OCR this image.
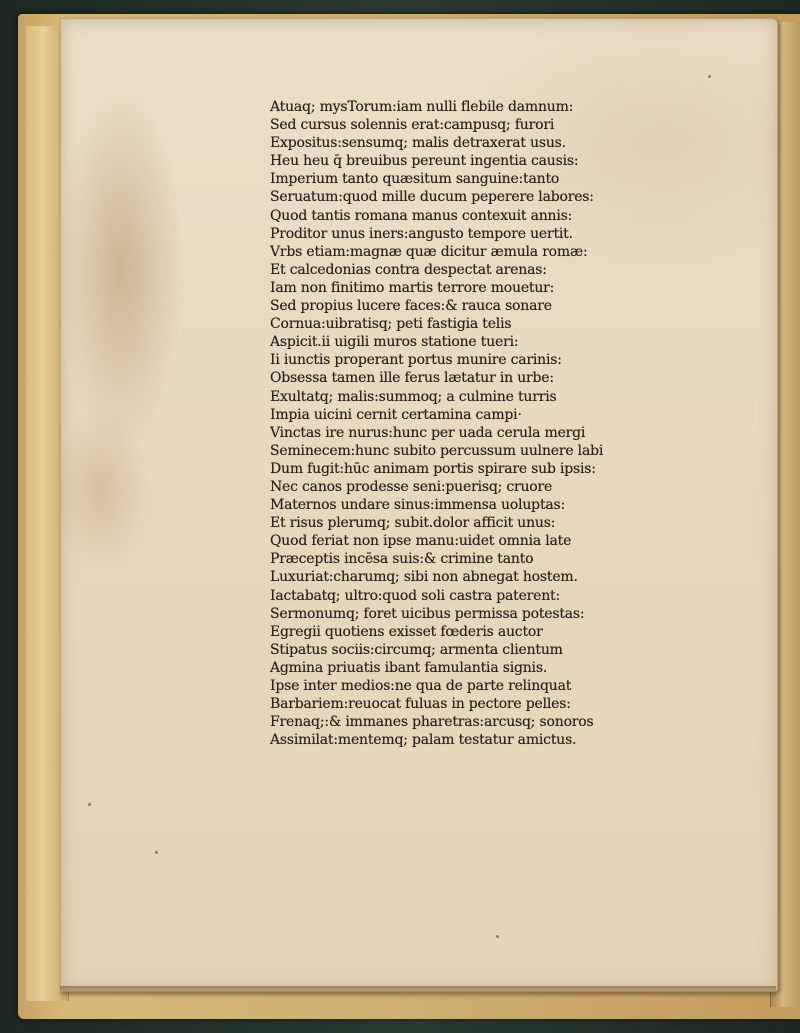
Atuaq; mysTorum:iam nulli flebile damnum:
Sed cursus solennis erat:campusq; furori
Expositus:sensumq; malis detraxerat usus.
Heu heu q̄ breuibus pereunt ingentia causis:
Imperium tanto quæsitum sanguine:tanto
Seruatum:quod mille ducum peperere labores:
Quod tantis romana manus contexuit annis:
Proditor unus iners:angusto tempore uertit.
Vrbs etiam:magnæ quæ dicitur æmula romæ:
Et calcedonias contra despectat arenas:
Iam non finitimo martis terrore mouetur:
Sed propius lucere faces:& rauca sonare
Cornua:uibratisq; peti fastigia telis
Aspicit.ii uigili muros statione tueri:
Ii iunctis properant portus munire carinis:
Obsessa tamen ille ferus lætatur in urbe:
Exultatq; malis:summoq; a culmine turris
Impia uicini cernit certamina campi·
Vinctas ire nurus:hunc per uada cerula mergi
Seminecem:hunc subito percussum uulnere labi
Dum fugit:hūc animam portis spirare sub ipsis:
Nec canos prodesse seni:puerisq; cruore
Maternos undare sinus:immensa uoluptas:
Et risus plerumq; subit.dolor afficit unus:
Quod feriat non ipse manu:uidet omnia late
Præceptis incēsa suis:& crimine tanto
Luxuriat:charumq; sibi non abnegat hostem.
Iactabatq; ultro:quod soli castra paterent:
Sermonumq; foret uicibus permissa potestas:
Egregii quotiens exisset fœderis auctor
Stipatus sociis:circumq; armenta clientum
Agmina priuatis ibant famulantia signis.
Ipse inter medios:ne qua de parte relinquat
Barbariem:reuocat fuluas in pectore pelles:
Frenaq;:& immanes pharetras:arcusq; sonoros
Assimilat:mentemq; palam testatur amictus.
